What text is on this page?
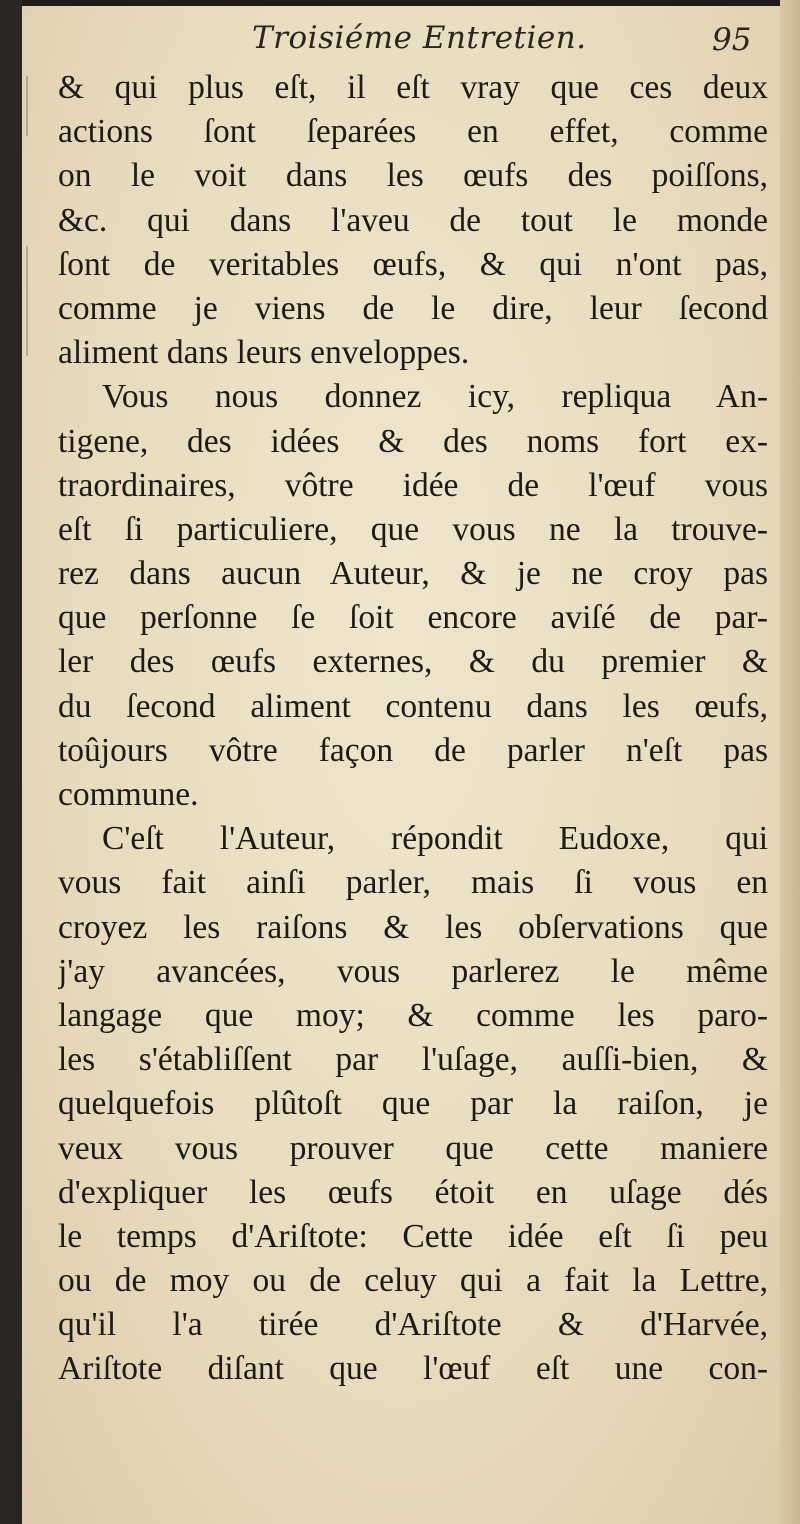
Troisiéme Entretien.	95
& qui plus eſt, il eſt vray que ces deux
actions ſont ſeparées en effet, comme
on le voit dans les œufs des poiſſons,
&c. qui dans l'aveu de tout le monde
ſont de veritables œufs, & qui n'ont pas,
comme je viens de le dire, leur ſecond
aliment dans leurs enveloppes.
Vous nous donnez icy, repliqua An-
tigene, des idées & des noms fort ex-
traordinaires, vôtre idée de l'œuf vous
eſt ſi particuliere, que vous ne la trouve-
rez dans aucun Auteur, & je ne croy pas
que perſonne ſe ſoit encore aviſé de par-
ler des œufs externes, & du premier &
du ſecond aliment contenu dans les œufs,
toûjours vôtre façon de parler n'eſt pas
commune.
C'eſt l'Auteur, répondit Eudoxe, qui
vous fait ainſi parler, mais ſi vous en
croyez les raiſons & les obſervations que
j'ay avancées, vous parlerez le même
langage que moy; & comme les paro-
les s'établiſſent par l'uſage, auſſi-bien, &
quelquefois plûtoſt que par la raiſon, je
veux vous prouver que cette maniere
d'expliquer les œufs étoit en uſage dés
le temps d'Ariſtote: Cette idée eſt ſi peu
ou de moy ou de celuy qui a fait la Lettre,
qu'il l'a tirée d'Ariſtote & d'Harvée,
Ariſtote diſant que l'œuf eſt une con-
